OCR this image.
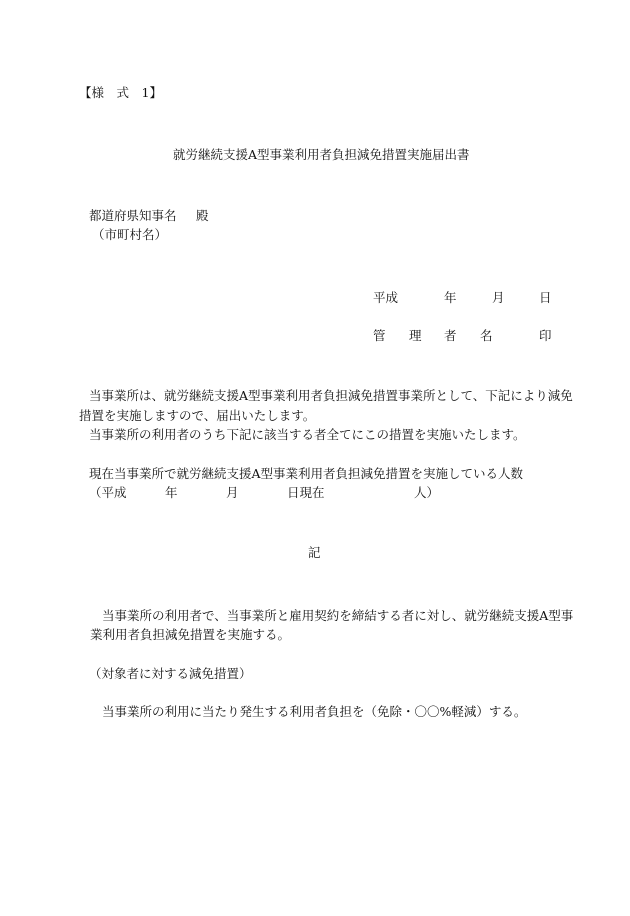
【様　式　1】
就労継続支援A型事業利用者負担減免措置実施届出書
都道府県知事名 殿
（市町村名）
平成	年	月	日
管 理 者 名	印
当事業所は、就労継続支援A型事業利用者負担減免措置事業所として、下記により減免
措置を実施しますので、届出いたします。
当事業所の利用者のうち下記に該当する者全てにこの措置を実施いたします。
現在当事業所で就労継続支援A型事業利用者負担減免措置を実施している人数
（平成	年	月	日現在	人）
記
当事業所の利用者で、当事業所と雇用契約を締結する者に対し、就労継続支援A型事
業利用者負担減免措置を実施する。
（対象者に対する減免措置）
当事業所の利用に当たり発生する利用者負担を（免除・〇〇%軽減）する。
